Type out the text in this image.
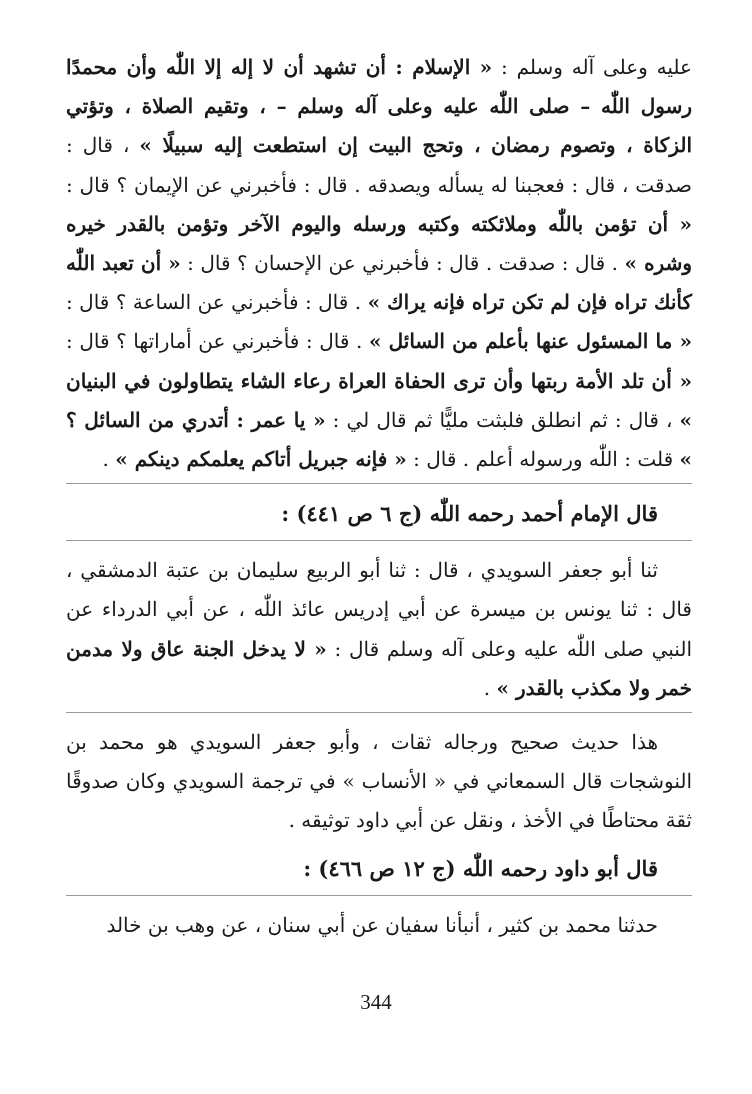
عليه وعلى آله وسلم : « الإسلام : أن تشهد أن لا إله إلا اللّٰه وأن محمدًا رسول اللّٰه – صلى اللّٰه عليه وعلى آله وسلم – ، وتقيم الصلاة ، وتؤتي الزكاة ، وتصوم رمضان ، وتحج البيت إن استطعت إليه سبيلًا » ، قال : صدقت ، قال : فعجبنا له يسأله ويصدقه . قال : فأخبرني عن الإيمان ؟ قال : « أن تؤمن باللّٰه وملائكته وكتبه ورسله واليوم الآخر وتؤمن بالقدر خيره وشره » . قال : صدقت . قال : فأخبرني عن الإحسان ؟ قال : « أن تعبد اللّٰه كأنك تراه فإن لم تكن تراه فإنه يراك » . قال : فأخبرني عن الساعة ؟ قال : « ما المسئول عنها بأعلم من السائل » . قال : فأخبرني عن أماراتها ؟ قال : « أن تلد الأمة ربتها وأن ترى الحفاة العراة رعاء الشاء يتطاولون في البنيان » ، قال : ثم انطلق فلبثت مليًّا ثم قال لي : « يا عمر : أتدري من السائل ؟ » قلت : اللّٰه ورسوله أعلم . قال : « فإنه جبريل أتاكم يعلمكم دينكم » .

قال الإمام أحمد رحمه اللّٰه (ج ٦ ص ٤٤١) :

ثنا أبو جعفر السويدي ، قال : ثنا أبو الربيع سليمان بن عتبة الدمشقي ، قال : ثنا يونس بن ميسرة عن أبي إدريس عائذ اللّٰه ، عن أبي الدرداء عن النبي صلى اللّٰه عليه وعلى آله وسلم قال : « لا يدخل الجنة عاق ولا مدمن خمر ولا مكذب بالقدر » .

هذا حديث صحيح ورجاله ثقات ، وأبو جعفر السويدي هو محمد بن النوشجات قال السمعاني في « الأنساب » في ترجمة السويدي وكان صدوقًا ثقة محتاطًا في الأخذ ، ونقل عن أبي داود توثيقه .

قال أبو داود رحمه اللّٰه (ج ١٢ ص ٤٦٦) :

حدثنا محمد بن كثير ، أنبأنا سفيان عن أبي سنان ، عن وهب بن خالد

344
